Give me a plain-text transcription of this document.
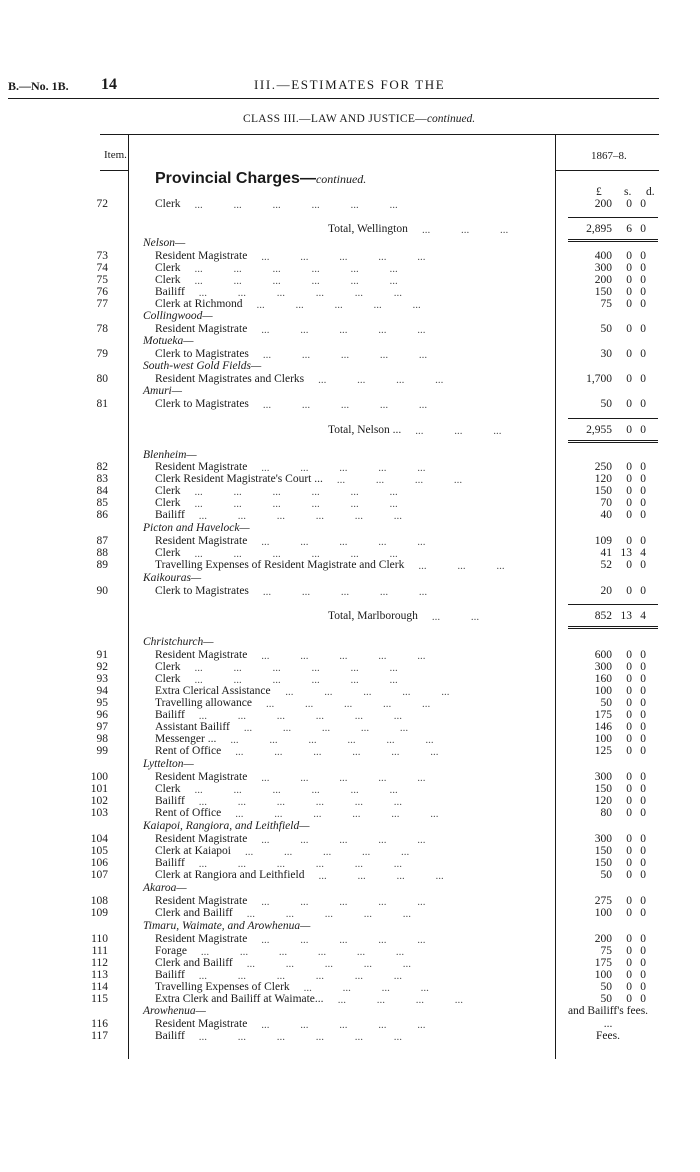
B.—No. 1B. 14	III.—ESTIMATES FOR THE
CLASS III.—LAW AND JUSTICE—continued.
Item.	1867–8.
Provincial Charges—continued.
£ s. d.
72	Clerk ... ... ... ... ... ...	200 0 0
Total, Wellington ... ... ...	2,895 6 0
Nelson—
73	Resident Magistrate ... ... ... ... ...	400 0 0
74	Clerk ... ... ... ... ... ...	300 0 0
75	Clerk ... ... ... ... ... ...	200 0 0
76	Bailiff ... ... ... ... ... ...	150 0 0
77	Clerk at Richmond ... ... ... ... ...	75 0 0
Collingwood—
78	Resident Magistrate ... ... ... ... ...	50 0 0
Motueka—
79	Clerk to Magistrates ... ... ... ... ...	30 0 0
South-west Gold Fields—
80	Resident Magistrates and Clerks ... ... ... ...	1,700 0 0
Amuri—
81	Clerk to Magistrates ... ... ... ... ...	50 0 0
Total, Nelson ... ... ... ...	2,955 0 0
Blenheim—
82	Resident Magistrate ... ... ... ... ...	250 0 0
83	Clerk Resident Magistrate's Court ... ... ... ... ...	120 0 0
84	Clerk ... ... ... ... ... ...	150 0 0
85	Clerk ... ... ... ... ... ...	70 0 0
86	Bailiff ... ... ... ... ... ...	40 0 0
Picton and Havelock—
87	Resident Magistrate ... ... ... ... ...	109 0 0
88	Clerk ... ... ... ... ... ...	41 13 4
89	Travelling Expenses of Resident Magistrate and Clerk ... ... ...	52 0 0
Kaikouras—
90	Clerk to Magistrates ... ... ... ... ...	20 0 0
Total, Marlborough ... ...	852 13 4
Christchurch—
91	Resident Magistrate ... ... ... ... ...	600 0 0
92	Clerk ... ... ... ... ... ...	300 0 0
93	Clerk ... ... ... ... ... ...	160 0 0
94	Extra Clerical Assistance ... ... ... ... ...	100 0 0
95	Travelling allowance ... ... ... ... ...	50 0 0
96	Bailiff ... ... ... ... ... ...	175 0 0
97	Assistant Bailiff ... ... ... ... ...	146 0 0
98	Messenger ... ... ... ... ... ... ...	100 0 0
99	Rent of Office ... ... ... ... ... ...	125 0 0
Lyttelton—
100	Resident Magistrate ... ... ... ... ...	300 0 0
101	Clerk ... ... ... ... ... ...	150 0 0
102	Bailiff ... ... ... ... ... ...	120 0 0
103	Rent of Office ... ... ... ... ... ...	80 0 0
Kaiapoi, Rangiora, and Leithfield—
104	Resident Magistrate ... ... ... ... ...	300 0 0
105	Clerk at Kaiapoi ... ... ... ... ...	150 0 0
106	Bailiff ... ... ... ... ... ...	150 0 0
107	Clerk at Rangiora and Leithfield ... ... ... ...	50 0 0
Akaroa—
108	Resident Magistrate ... ... ... ... ...	275 0 0
109	Clerk and Bailiff ... ... ... ... ...	100 0 0
Timaru, Waimate, and Arowhenua—
110	Resident Magistrate ... ... ... ... ...	200 0 0
111	Forage ... ... ... ... ... ...	75 0 0
112	Clerk and Bailiff ... ... ... ... ...	175 0 0
113	Bailiff ... ... ... ... ... ...	100 0 0
114	Travelling Expenses of Clerk ... ... ... ...	50 0 0
115	Extra Clerk and Bailiff at Waimate... ... ... ... ...	50 0 0
Arowhenua—	and Bailiff's fees.
116	Resident Magistrate ... ... ... ... ...	...
117	Bailiff ... ... ... ... ... ...	Fees.
